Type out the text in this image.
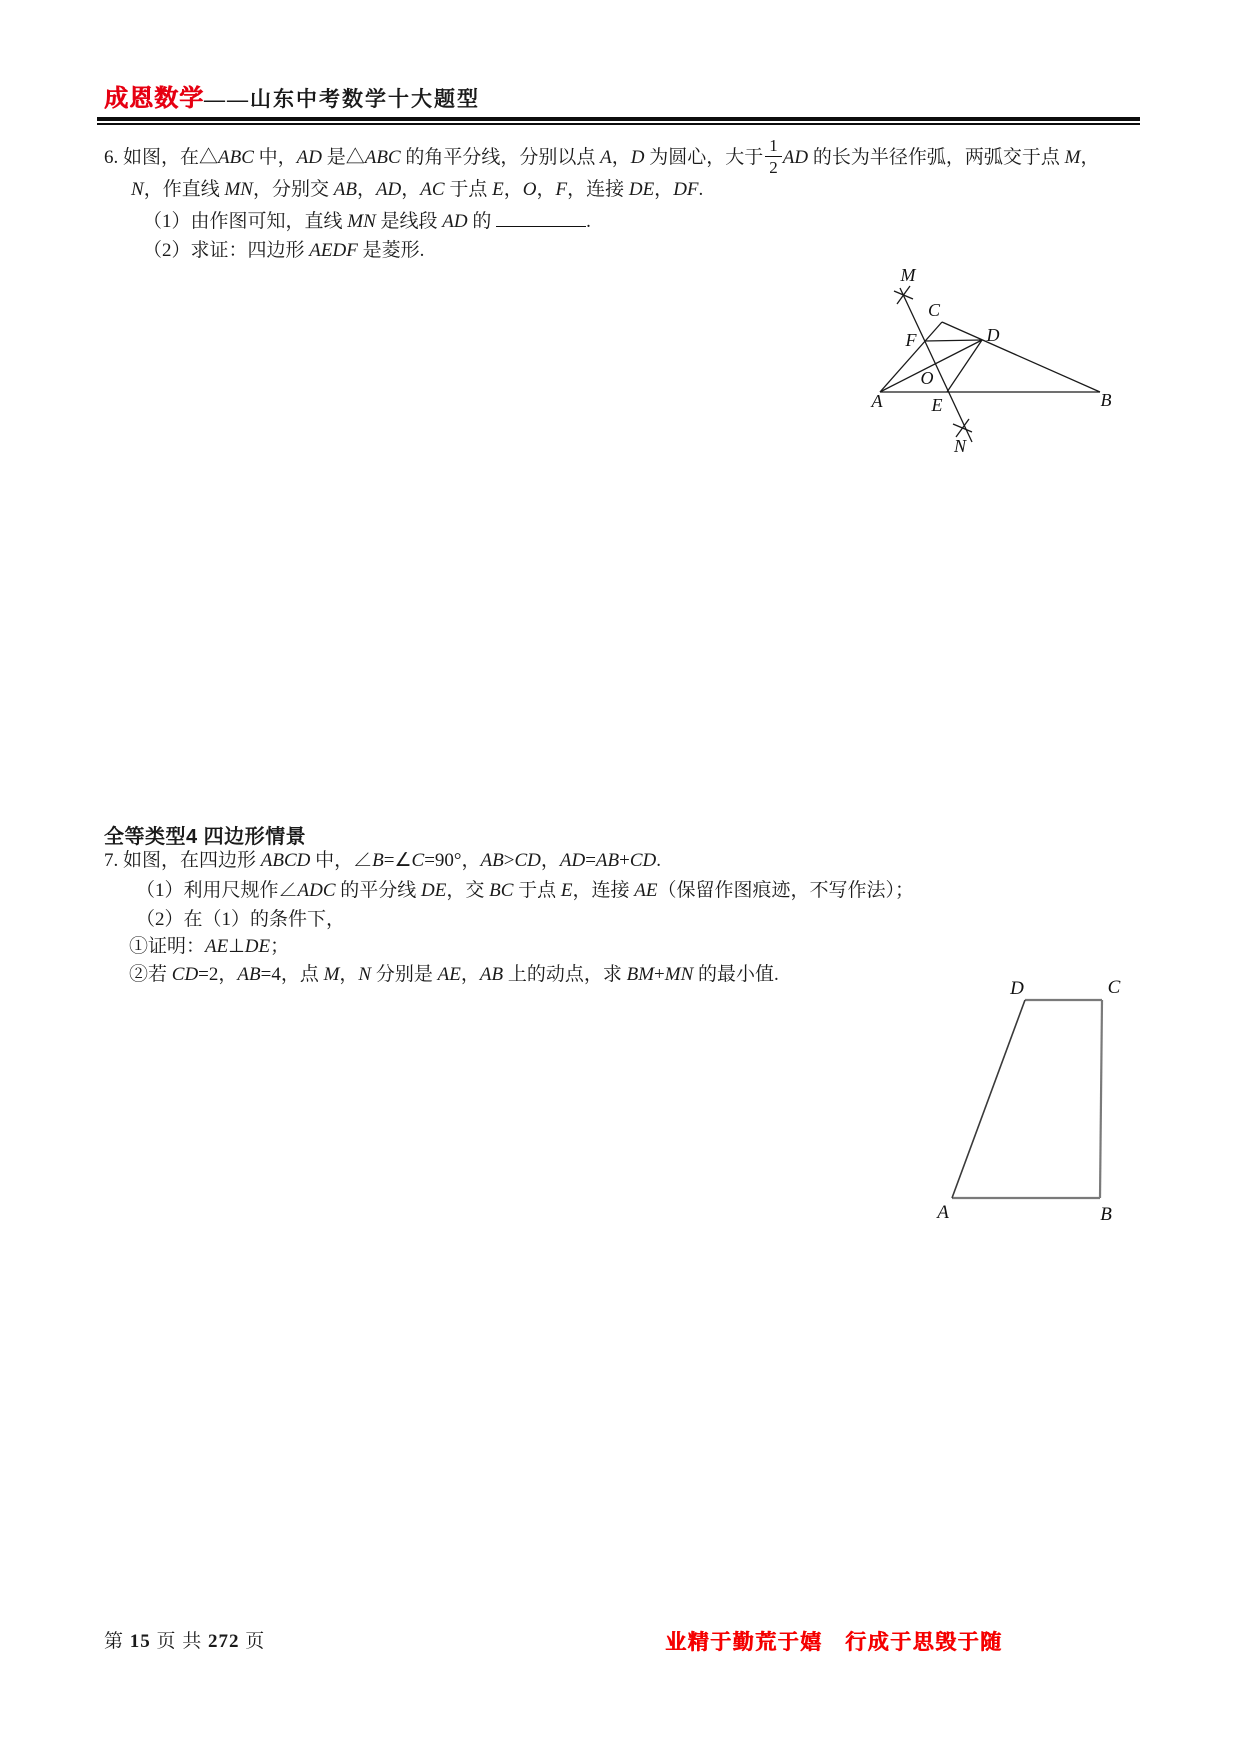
成恩数学——山东中考数学十大题型
6. 如图，在△ABC 中，AD 是△ABC 的角平分线，分别以点 A，D 为圆心，大于 $\frac{1}{2}$ AD 的长为半径作弧，两弧交于点 M，
N，作直线 MN，分别交 AB，AD，AC 于点 E，O，F，连接 DE，DF.
（1）由作图可知，直线 MN 是线段 AD 的	.
（2）求证：四边形 AEDF 是菱形.
M
C
F	D
A
O
E	B
N
全等类型4 四边形情景
7. 如图，在四边形 ABCD 中，∠B=∠C=90°，AB>CD，AD=AB+CD.
（1）利用尺规作∠ADC 的平分线 DE，交 BC 于点 E，连接 AE（保留作图痕迹，不写作法）；
（2）在（1）的条件下，
①证明：AE⊥DE；
②若 CD=2，AB=4，点 M，N 分别是 AE，AB 上的动点，求 BM+MN 的最小值.
D	C
A	B
第 15 页 共 272 页	业精于勤荒于嬉　行成于思毁于随
